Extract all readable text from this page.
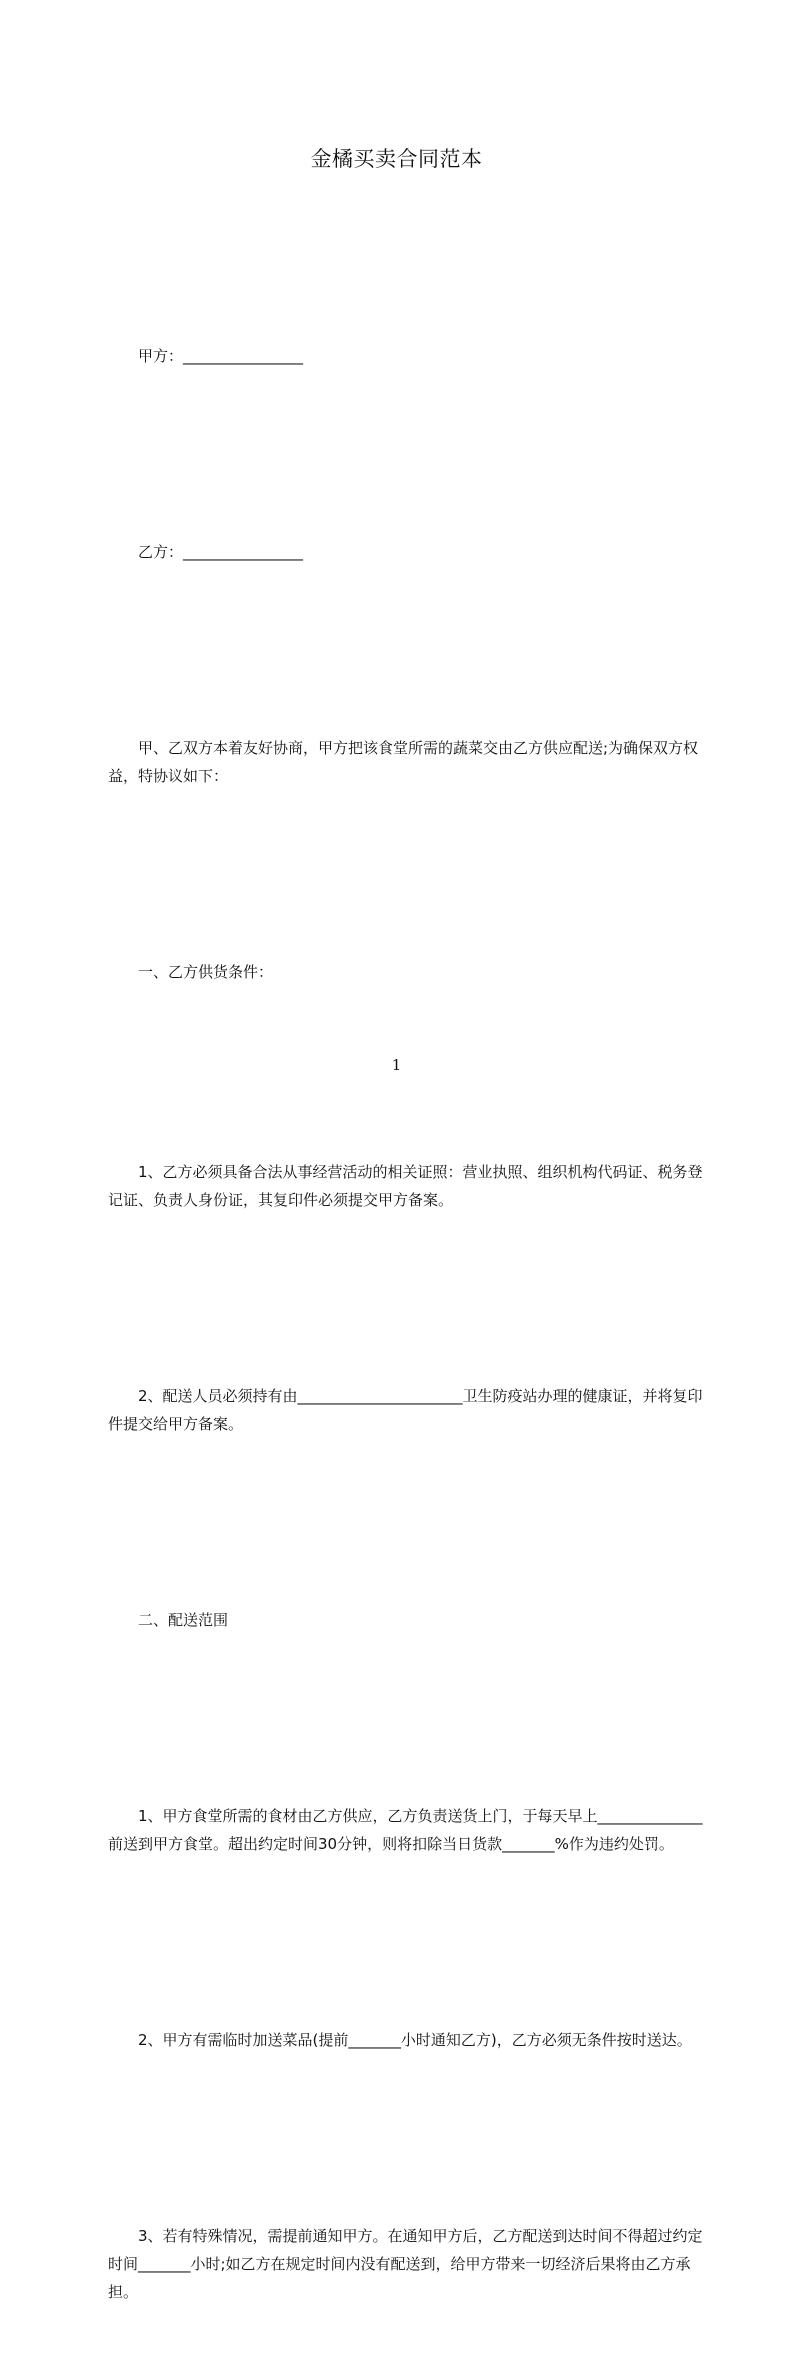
金橘买卖合同范本

甲方：________________

乙方：________________

甲、乙双方本着友好协商，甲方把该食堂所需的蔬菜交由乙方供应配送;为确保双方权益，特协议如下：

一、乙方供货条件：

1、乙方必须具备合法从事经营活动的相关证照：营业执照、组织机构代码证、税务登记证、负责人身份证，其复印件必须提交甲方备案。

2、配送人员必须持有由______________________卫生防疫站办理的健康证，并将复印件提交给甲方备案。

二、配送范围

1、甲方食堂所需的食材由乙方供应，乙方负责送货上门，于每天早上______________前送到甲方食堂。超出约定时间30分钟，则将扣除当日货款_______%作为违约处罚。

2、甲方有需临时加送菜品(提前_______小时通知乙方)，乙方必须无条件按时送达。

3、若有特殊情况，需提前通知甲方。在通知甲方后，乙方配送到达时间不得超过约定时间_______小时;如乙方在规定时间内没有配送到，给甲方带来一切经济后果将由乙方承担。

1
